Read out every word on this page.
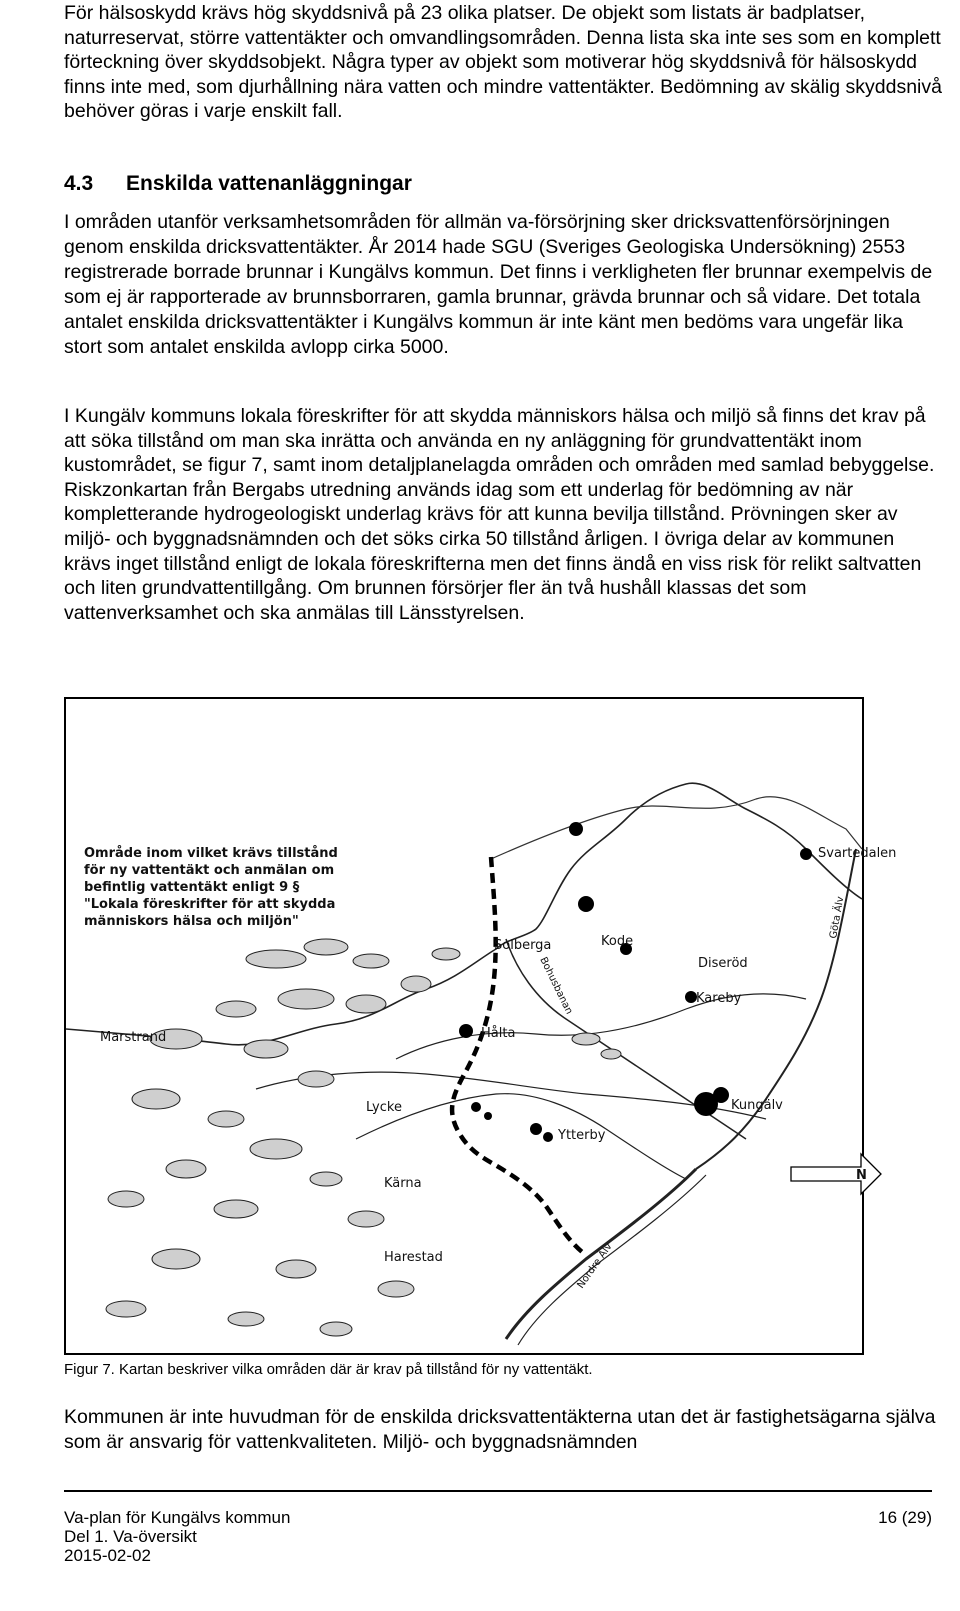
För hälsoskydd krävs hög skyddsnivå på 23 olika platser. De objekt som listats är badplatser, naturreservat, större vattentäkter och omvandlingsområden. Denna lista ska inte ses som en komplett förteckning över skyddsobjekt. Några typer av objekt som motiverar hög skyddsnivå för hälsoskydd finns inte med, som djurhållning nära vatten och mindre vattentäkter. Bedömning av skälig skyddsnivå behöver göras i varje enskilt fall.

4.3 Enskilda vattenanläggningar

I områden utanför verksamhetsområden för allmän va-försörjning sker dricksvattenförsörjningen genom enskilda dricksvattentäkter. År 2014 hade SGU (Sveriges Geologiska Undersökning) 2553 registrerade borrade brunnar i Kungälvs kommun. Det finns i verkligheten fler brunnar exempelvis de som ej är rapporterade av brunnsborraren, gamla brunnar, grävda brunnar och så vidare. Det totala antalet enskilda dricksvattentäkter i Kungälvs kommun är inte känt men bedöms vara ungefär lika stort som antalet enskilda avlopp cirka 5000.

I Kungälv kommuns lokala föreskrifter för att skydda människors hälsa och miljö så finns det krav på att söka tillstånd om man ska inrätta och använda en ny anläggning för grundvattentäkt inom kustområdet, se figur 7, samt inom detaljplanelagda områden och områden med samlad bebyggelse. Riskzonkartan från Bergabs utredning används idag som ett underlag för bedömning av när kompletterande hydrogeologiskt underlag krävs för att kunna bevilja tillstånd. Prövningen sker av miljö- och byggnadsnämnden och det söks cirka 50 tillstånd årligen. I övriga delar av kommunen krävs inget tillstånd enligt de lokala föreskrifterna men det finns ändå en viss risk för relikt saltvatten och liten grundvattentillgång. Om brunnen försörjer fler än två hushåll klassas det som vattenverksamhet och ska anmälas till Länsstyrelsen.

Område inom vilket krävs tillstånd
för ny vattentäkt och anmälan om
befintlig vattentäkt enligt 9 §
"Lokala föreskrifter för att skydda
människors hälsa och miljön"
Svartedalen
Solberga	Kode
Diseröd
Kareby
Hålta
Marstrand
Lycke
Ytterby
Kungälv
Kärna
Harestad
Bohusbanan
Göta Älv
Nordre Älv
N

Figur 7. Kartan beskriver vilka områden där är krav på tillstånd för ny vattentäkt.

Kommunen är inte huvudman för de enskilda dricksvattentäkterna utan det är fastighetsägarna själva som är ansvarig för vattenkvaliteten. Miljö- och byggnadsnämnden

Va-plan för Kungälvs kommun
Del 1. Va-översikt
2015-02-02
16 (29)
